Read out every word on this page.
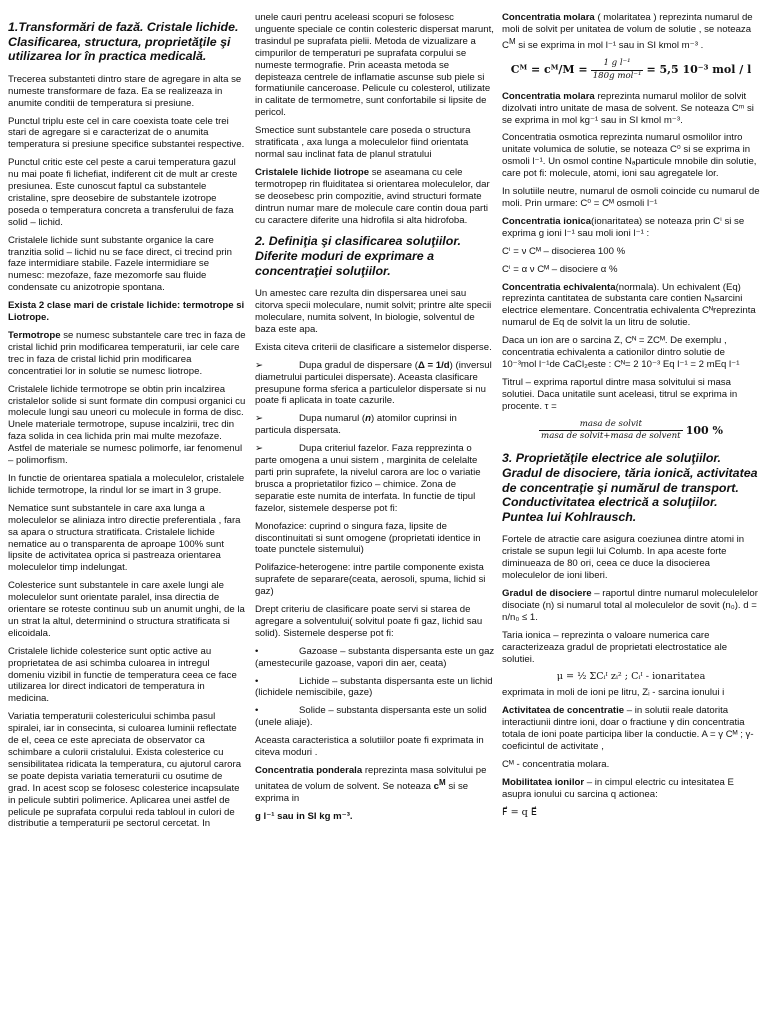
1.Transformări de fază. Cristale lichide. Clasificarea, structura, proprietăţile şi utilizarea lor în practica medicală.

Trecerea substanteti dintro stare de agregare in alta se numeste transformare de faza. Ea se realizeaza in anumite conditii de temperatura si presiune.

Punctul triplu este cel in care coexista toate cele trei stari de agregare si e caracterizat de o anumita temperatura si presiune specifice substantei respective.

Punctul critic este cel peste a carui temperatura gazul nu mai poate fi lichefiat, indiferent cit de mult ar creste presiunea. Este cunoscut faptul ca substantele cristaline, spre deosebire de substantele izotrope poseda o temperatura concreta a transferului de faza solid – lichid.

Cristalele lichide sunt substante organice la care tranzitia solid – lichid nu se face direct, ci trecind prin faze intermidiare stabile. Fazele intermidiare se numesc: mezofaze, faze mezomorfe sau fluide condensate cu anizotropie spontana.

Exista 2 clase mari de cristale lichide: termotrope si Liotrope.

Termotrope se numesc substantele care trec in faza de cristal lichid prin modificarea temperaturii, iar cele care trec in faza de cristal lichid prin modificarea concentratiei lor in solutie se numesc liotrope.

Cristalele lichide termotrope se obtin prin incalzirea cristalelor solide si sunt formate din compusi organici cu molecule lungi sau uneori cu molecule in forma de disc. Unele materiale termotrope, supuse incalzirii, trec din faza solida in cea lichida prin mai multe mezofaze. Astfel de materiale se numesc polimorfe, iar fenomenul – polimorfism.

In functie de orientarea spatiala a moleculelor, cristalele lichide termotrope, la rindul lor se imart in 3 grupe.

Nematice sunt substantele in care axa lunga a moleculelor se aliniaza intro directie preferentiala , fara sa apara o structura stratificata. Cristalele lichide nematice au o transparenta de aproape 100% sunt lipsite de activitatea oprica si pastreaza orientarea moleculelor timp indelungat.

Colesterice sunt substantele in care axele lungi ale moleculelor sunt orientate paralel, insa directia de orientare se roteste continuu sub un anumit unghi, de la un strat la altul, determinind o structura stratificata si elicoidala.

Cristalele lichide colesterice sunt optic active au proprietatea de asi schimba culoarea in intregul domeniu vizibil in functie de temperatura ceea ce face utilizarea lor direct indicatori de temperatura in medicina.

Variatia temperaturii colestericului schimba pasul spiralei, iar in consecinta, si culoarea luminii reflectate de el, ceea ce este apreciata de observator ca schimbare a culorii cristalului. Exista colesterice cu sensibilitatea ridicata la temperatura, cu ajutorul carora se poate depista variatia temeraturii cu osutime de grad. In acest scop se folosesc colesterice incapsulate in pelicule subtiri polimerice. Aplicarea unei astfel de pelicule pe suprafata corpului reda tabloul in culori de distributie a temperaturii pe sectorul cercetat. In

unele cauri pentru aceleasi scopuri se folosesc unguente speciale ce contin colesteric dispersat marunt, trasindul pe suprafata pielii. Metoda de vizualizare a cimpurilor de temperaturi pe suprafata corpului se numeste termografie. Prin aceasta metoda se depisteaza centrele de inflamatie ascunse sub piele si formatiunile canceroase. Pelicule cu colesterol, utilizate in calitate de termometre, sunt confortabile si lipsite de pericol.

Smectice sunt substantele care poseda o structura stratificata , axa lunga a moleculelor fiind orientata normal sau inclinat fata de planul stratului

Cristalele lichide liotrope se aseamana cu cele termotropep rin fluiditatea si orientarea moleculelor, dar se deosebesc prin compozitie, avind structuri formate dintrun numar mare de molecule care contin doua parti cu caractere diferite una hidrofila si alta hidrofoba.

2. Definiţia şi clasificarea soluţiilor. Diferite moduri de exprimare a concentraţiei soluţiilor.

Un amestec care rezulta din dispersarea unei sau citorva specii moleculare, numit solvit; printre alte specii moleculare, numita solvent, In biologie, solventul de baza este apa.

Exista citeva criterii de clasificare a sistemelor disperse.

➢	Dupa gradul de dispersare (Δ = 1/d) (inversul diametrului particulei dispersate). Aceasta clasificare presupune forma sferica a particulelor dispersate si nu poate fi aplicata in toate cazurile.

➢	Dupa numarul (n) atomilor cuprinsi in particula dispersata.

➢	Dupa criteriul fazelor. Faza repprezinta o parte omogena a unui sistem , marginita de celelalte parti prin suprafete, la nivelul carora are loc o variatie brusca a proprietatilor fizico – chimice. Zona de separatie este numita de interfata. In functie de tipul fazelor, sistemele desperse pot fi:

Monofazice: cuprind o singura faza, lipsite de discontinuitati si sunt omogene (proprietati identice in toate punctele sistemului)

Polifazice-heterogene: intre partile componente exista suprafete de separare(ceata, aerosoli, spuma, lichid si gaz)

Drept criteriu de clasificare poate servi si starea de agregare a solventului( solvitul poate fi gaz, lichid sau solid). Sistemele desperse pot fi:

•	Gazoase – substanta dispersanta este un gaz (amestecurile gazoase, vapori din aer, ceata)

•	Lichide – substanta dispersanta este un lichid (lichidele nemiscibile, gaze)

•	Solide – substanta dispersanta este un solid (unele aliaje).

Aceasta caracteristica a solutiilor poate fi exprimata in citeva moduri .

Concentratia ponderala reprezinta masa solvitului pe unitatea de volum de solvent. Se noteaza $c^M$ si se exprima in

g l⁻¹ sau in SI kg m⁻³.

Concentratia molara ( molaritatea ) reprezinta numarul de moli de solvit per unitatea de volum de solutie , se noteaza $C^M$ si se exprima in mol l⁻¹ sau in SI kmol m⁻³ .

Cᴹ = cᴹ/M = $\frac{\text{1 g l⁻¹}}{\text{180g mol⁻¹}} = 5,5$ 10⁻³ mol / l

Concentratia molara reprezinta numarul molilor de solvit dizolvati intro unitate de masa de solvent. Se noteaza Cᵐ si se exprima in mol kg⁻¹ sau in SI kmol m⁻³.

Concentratia osmotica reprezinta numarul osmolilor intro unitate volumica de solutie, se noteaza C⁰ si se exprima in osmoli l⁻¹. Un osmol contine Nₐparticule mnobile din solutie, care pot fi: molecule, atomi, ioni sau agregatele lor.

In solutiile neutre, numarul de osmoli coincide cu numarul de moli. Prin urmare: C⁰ = Cᴹ osmoli l⁻¹

Concentratia ionica(ionaritatea) se noteaza prin Cⁱ si se exprima g ioni l⁻¹ sau moli ioni l⁻¹ :

Cⁱ = ν Cᴹ – disocierea 100 %

Cⁱ = α ν Cᴹ – disociere α %

Concentratia echivalenta(normala). Un echivalent (Eq) reprezinta cantitatea de substanta care contien Nₐsarcini electrice elementare. Concentratia echivalenta Cᴺreprezinta numarul de Eq de solvit la un litru de solutie.

Daca un ion are o sarcina Z, Cᴺ = ZCᴹ. De exemplu , concentratia echivalenta a cationilor dintro solutie de 10⁻³mol l⁻¹de CaCl₂este : Cᴺ= 2 10⁻³ Eq l⁻¹ = 2 mEq l⁻¹

Titrul – exprima raportul dintre masa solvitului si masa solutiei. Daca unitatile sunt aceleasi, titrul se exprima in procente. τ =

$\frac{\text{masa de solvit}}{\text{masa de solvit+masa de solvent}} 100$ %
3. Proprietăţile electrice ale soluţiilor. Gradul de disociere, tăria ionică, activitatea de concentraţie şi numărul de transport. Conductivitatea electrică a soluţiilor. Puntea lui Kohlrausch.

Fortele de atractie care asigura coeziunea dintre atomi in cristale se supun legii lui Columb. In apa aceste forte diminueaza de 80 ori, ceea ce duce la disocierea moleculelor de ioni liberi.

Gradul de disociere – raportul dintre numarul moleculelelor disociate (n) si numarul total al moleculelor de sovit (n₀). d = n/n₀ ≤ 1.

Taria ionica – reprezinta o valoare numerica care caracterizeaza gradul de proprietati electrostatice ale solutiei.

μ = ½ ΣCᵢᴵ zᵢ² ; Cᵢᴵ - ionaritatea

exprimata in moli de ioni pe litru, Zᵢ - sarcina ionului i

Activitatea de concentratie – in solutii reale datorita interactiunii dintre ioni, doar o fractiune γ din concentratia totala de ioni poate participa liber la conductie. A = γ Cᴹ ; γ- coeficintul de activitate ,

Cᴹ - concentratia molara.

Mobilitatea ionilor – in cimpul electric cu intesitatea E asupra ionului cu sarcina q actionea:

F⃗ = q E⃗
